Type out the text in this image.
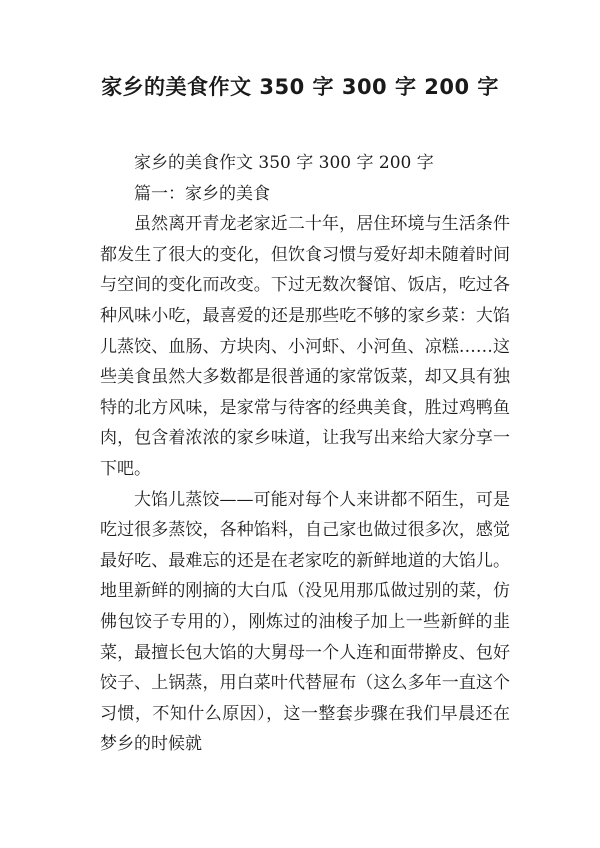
家乡的美食作文 350 字 300 字 200 字

家乡的美食作文 350 字 300 字 200 字

篇一：家乡的美食

虽然离开青龙老家近二十年，居住环境与生活条件都发生了很大的变化，但饮食习惯与爱好却未随着时间与空间的变化而改变。下过无数次餐馆、饭店，吃过各种风味小吃，最喜爱的还是那些吃不够的家乡菜：大馅儿蒸饺、血肠、方块肉、小河虾、小河鱼、凉糕……这些美食虽然大多数都是很普通的家常饭菜，却又具有独特的北方风味，是家常与待客的经典美食，胜过鸡鸭鱼肉，包含着浓浓的家乡味道，让我写出来给大家分享一下吧。

大馅儿蒸饺——可能对每个人来讲都不陌生，可是吃过很多蒸饺，各种馅料，自己家也做过很多次，感觉最好吃、最难忘的还是在老家吃的新鲜地道的大馅儿。地里新鲜的刚摘的大白瓜（没见用那瓜做过别的菜，仿佛包饺子专用的），刚炼过的油梭子加上一些新鲜的韭菜，最擅长包大馅的大舅母一个人连和面带擀皮、包好饺子、上锅蒸，用白菜叶代替屉布（这么多年一直这个习惯，不知什么原因），这一整套步骤在我们早晨还在梦乡的时候就
